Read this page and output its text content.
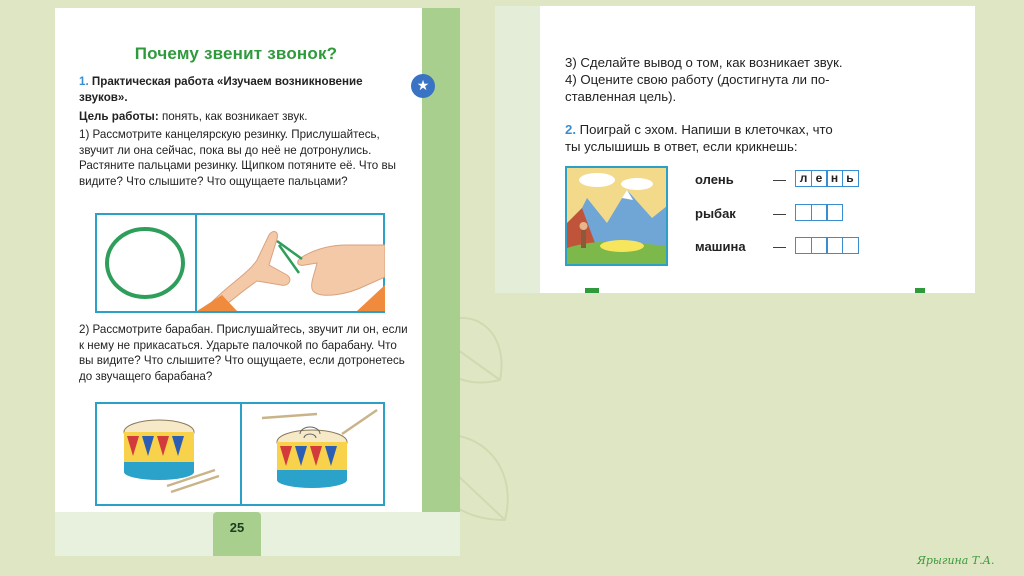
Почему звенит звонок?
1. Практическая работа «Изучаем возникновение звуков».
★
Цель работы: понять, как возникает звук.
1) Рассмотрите канцелярскую резинку. Прислушайтесь, звучит ли она сейчас, пока вы до неё не дотронулись. Растяните пальцами резинку. Щипком потяните её. Что вы видите? Что слышите? Что ощущаете пальцами?
2) Рассмотрите барабан. Прислушайтесь, звучит ли он, если к нему не прикасаться. Ударьте палочкой по барабану. Что вы видите? Что слышите? Что ощущаете, если дотронетесь до звучащего барабана?
25
3) Сделайте вывод о том, как возникает звук.
4) Оцените свою работу (достигнута ли по-
ставленная цель).
2. Поиграй с эхом. Напиши в клеточках, что
ты услышишь в ответ, если крикнешь:
олень	—	л е н ь
рыбак	—
машина —
Ярыгина Т.А.
